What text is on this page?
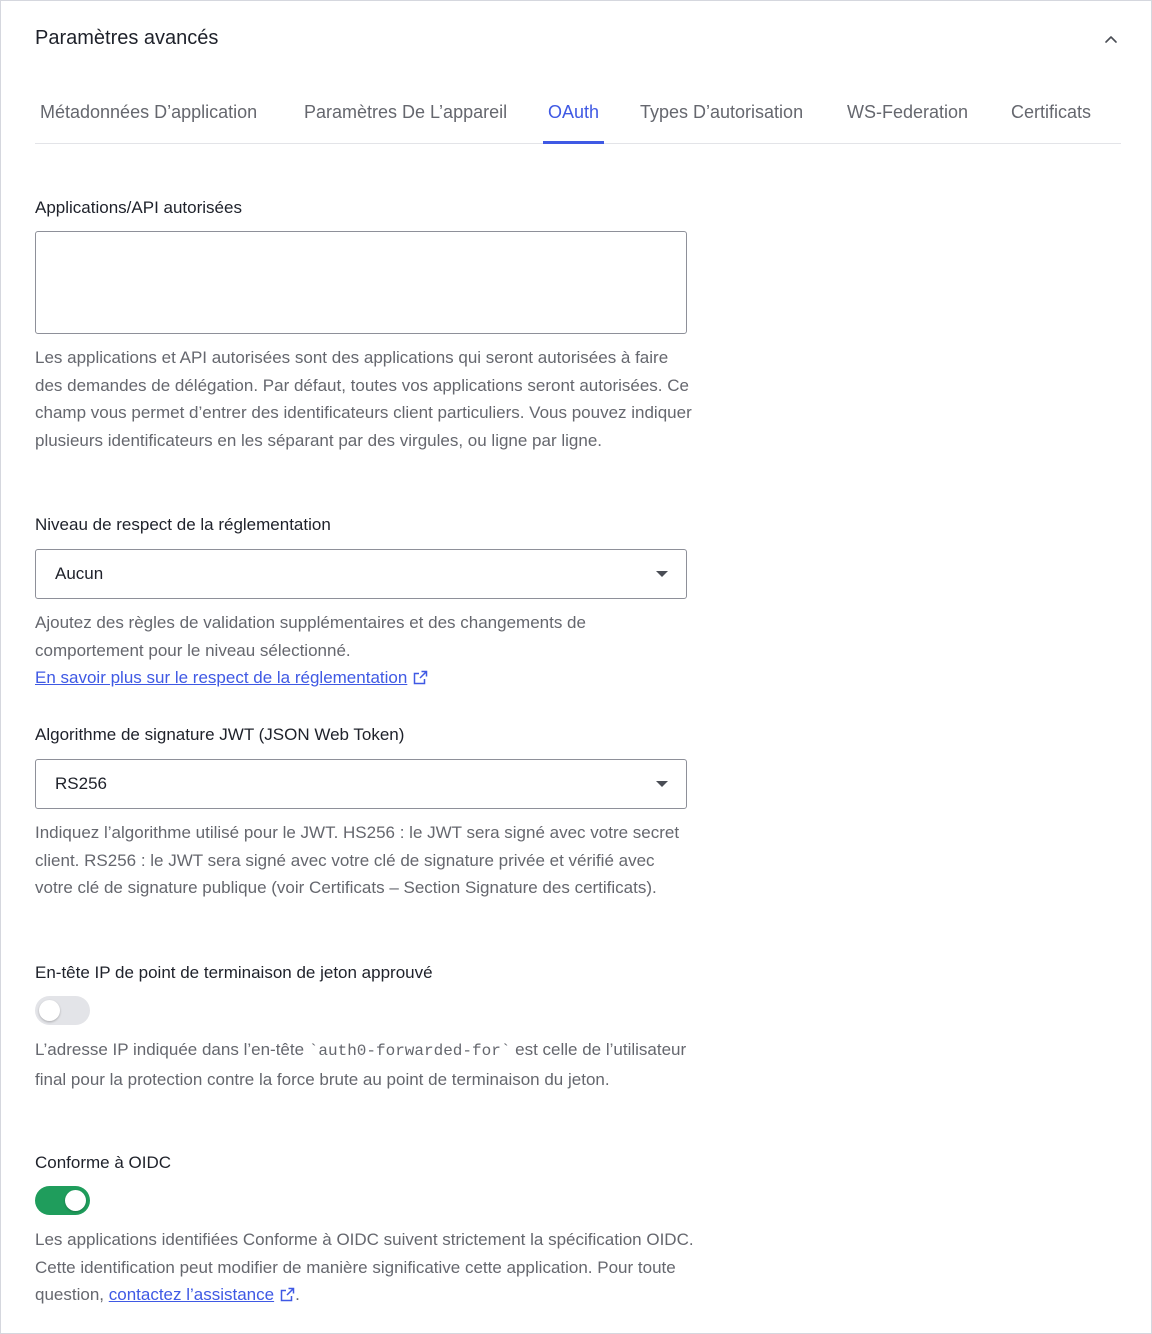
Paramètres avancés
Métadonnées D’application	Paramètres De L’appareil OAuth Types D’autorisation WS-Federation Certificats
Applications/API autorisées
Les applications et API autorisées sont des applications qui seront autorisées à faire des demandes de délégation. Par défaut, toutes vos applications seront autorisées. Ce champ vous permet d’entrer des identificateurs client particuliers. Vous pouvez indiquer plusieurs identificateurs en les séparant par des virgules, ou ligne par ligne.
Niveau de respect de la réglementation
Aucun
Ajoutez des règles de validation supplémentaires et des changements de comportement pour le niveau sélectionné.
En savoir plus sur le respect de la réglementation
Algorithme de signature JWT (JSON Web Token)
RS256
Indiquez l’algorithme utilisé pour le JWT. HS256 : le JWT sera signé avec votre secret client. RS256 : le JWT sera signé avec votre clé de signature privée et vérifié avec votre clé de signature publique (voir Certificats – Section Signature des certificats).
En-tête IP de point de terminaison de jeton approuvé
L’adresse IP indiquée dans l’en-tête `auth0-forwarded-for` est celle de l’utilisateur final pour la protection contre la force brute au point de terminaison du jeton.
Conforme à OIDC
Les applications identifiées Conforme à OIDC suivent strictement la spécification OIDC. Cette identification peut modifier de manière significative cette application. Pour toute question, contactez l’assistance .
